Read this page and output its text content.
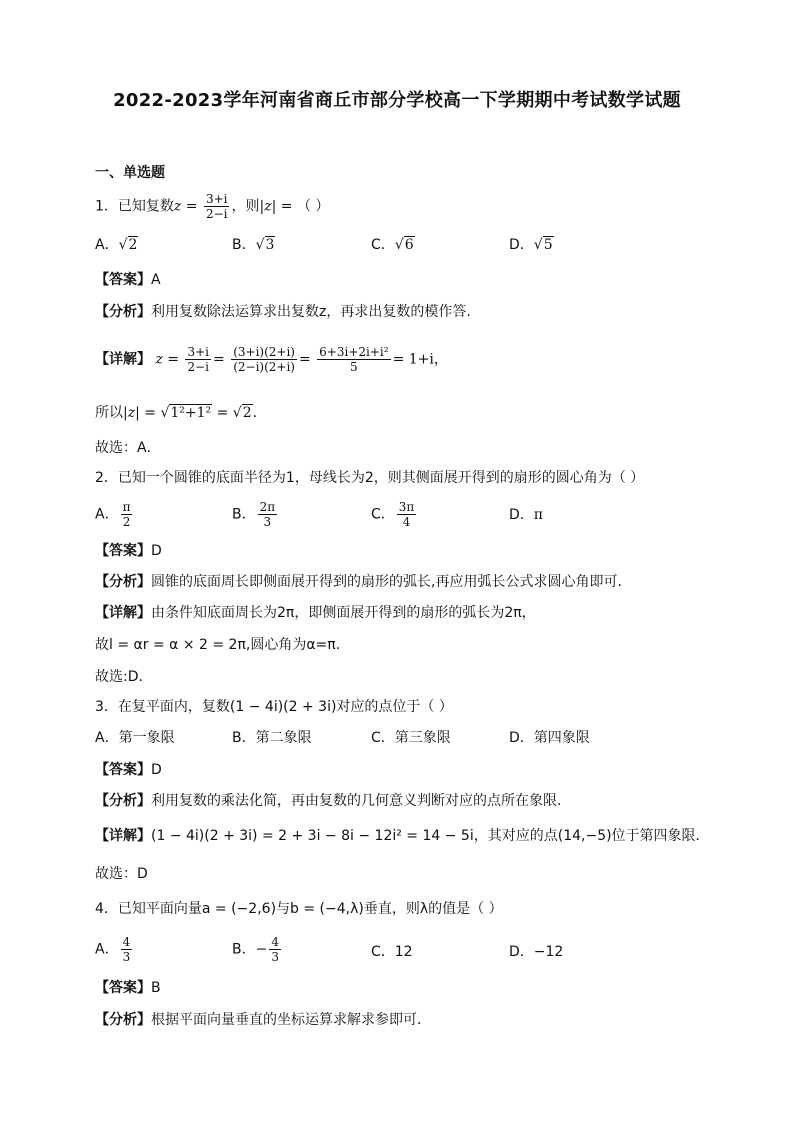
2022-2023学年河南省商丘市部分学校高一下学期期中考试数学试题
一、单选题
1．已知复数$z = \frac{3+i}{2-i}$ ，则|z| = （ ）
A．√2	B．√3	C．√6	D．√5
【答案】A
【分析】利用复数除法运算求出复数z，再求出复数的模作答.
【详解】 $z = \frac{3+i}{2-i} = \frac{(3+i)(2+i)}{(2-i)(2+i)} = \frac{\text{6+3i+2i+i²}}{5} = 1+i$，
所以|z| = √1²+1² = √2.
故选：A．
2．已知一个圆锥的底面半径为1，母线长为2，则其侧面展开得到的扇形的圆心角为（ ）
A． $\frac{\pi}{2}$	B． $\frac{2\pi}{3}$	C． $\frac{3\pi}{4}$	D．π
【答案】D
【分析】圆锥的底面周长即侧面展开得到的扇形的弧长,再应用弧长公式求圆心角即可.
【详解】由条件知底面周长为2π，即侧面展开得到的扇形的弧长为2π，
故l = αr = α × 2 = 2π,圆心角为α=π.
故选:D．
3．在复平面内，复数(1 − 4i)(2 + 3i)对应的点位于（ ）
A．第一象限	B．第二象限	C．第三象限	D．第四象限
【答案】D
【分析】利用复数的乘法化简，再由复数的几何意义判断对应的点所在象限.
【详解】(1 − 4i)(2 + 3i) = 2 + 3i − 8i − 12i² = 14 − 5i，其对应的点(14,−5)位于第四象限．
故选：D
4．已知平面向量a = (−2,6)与b = (−4,λ)垂直，则λ的值是（ ）
A． $\frac{4}{3}$	B．− $\frac{4}{3}$	C．12	D．−12
【答案】B
【分析】根据平面向量垂直的坐标运算求解求参即可．
